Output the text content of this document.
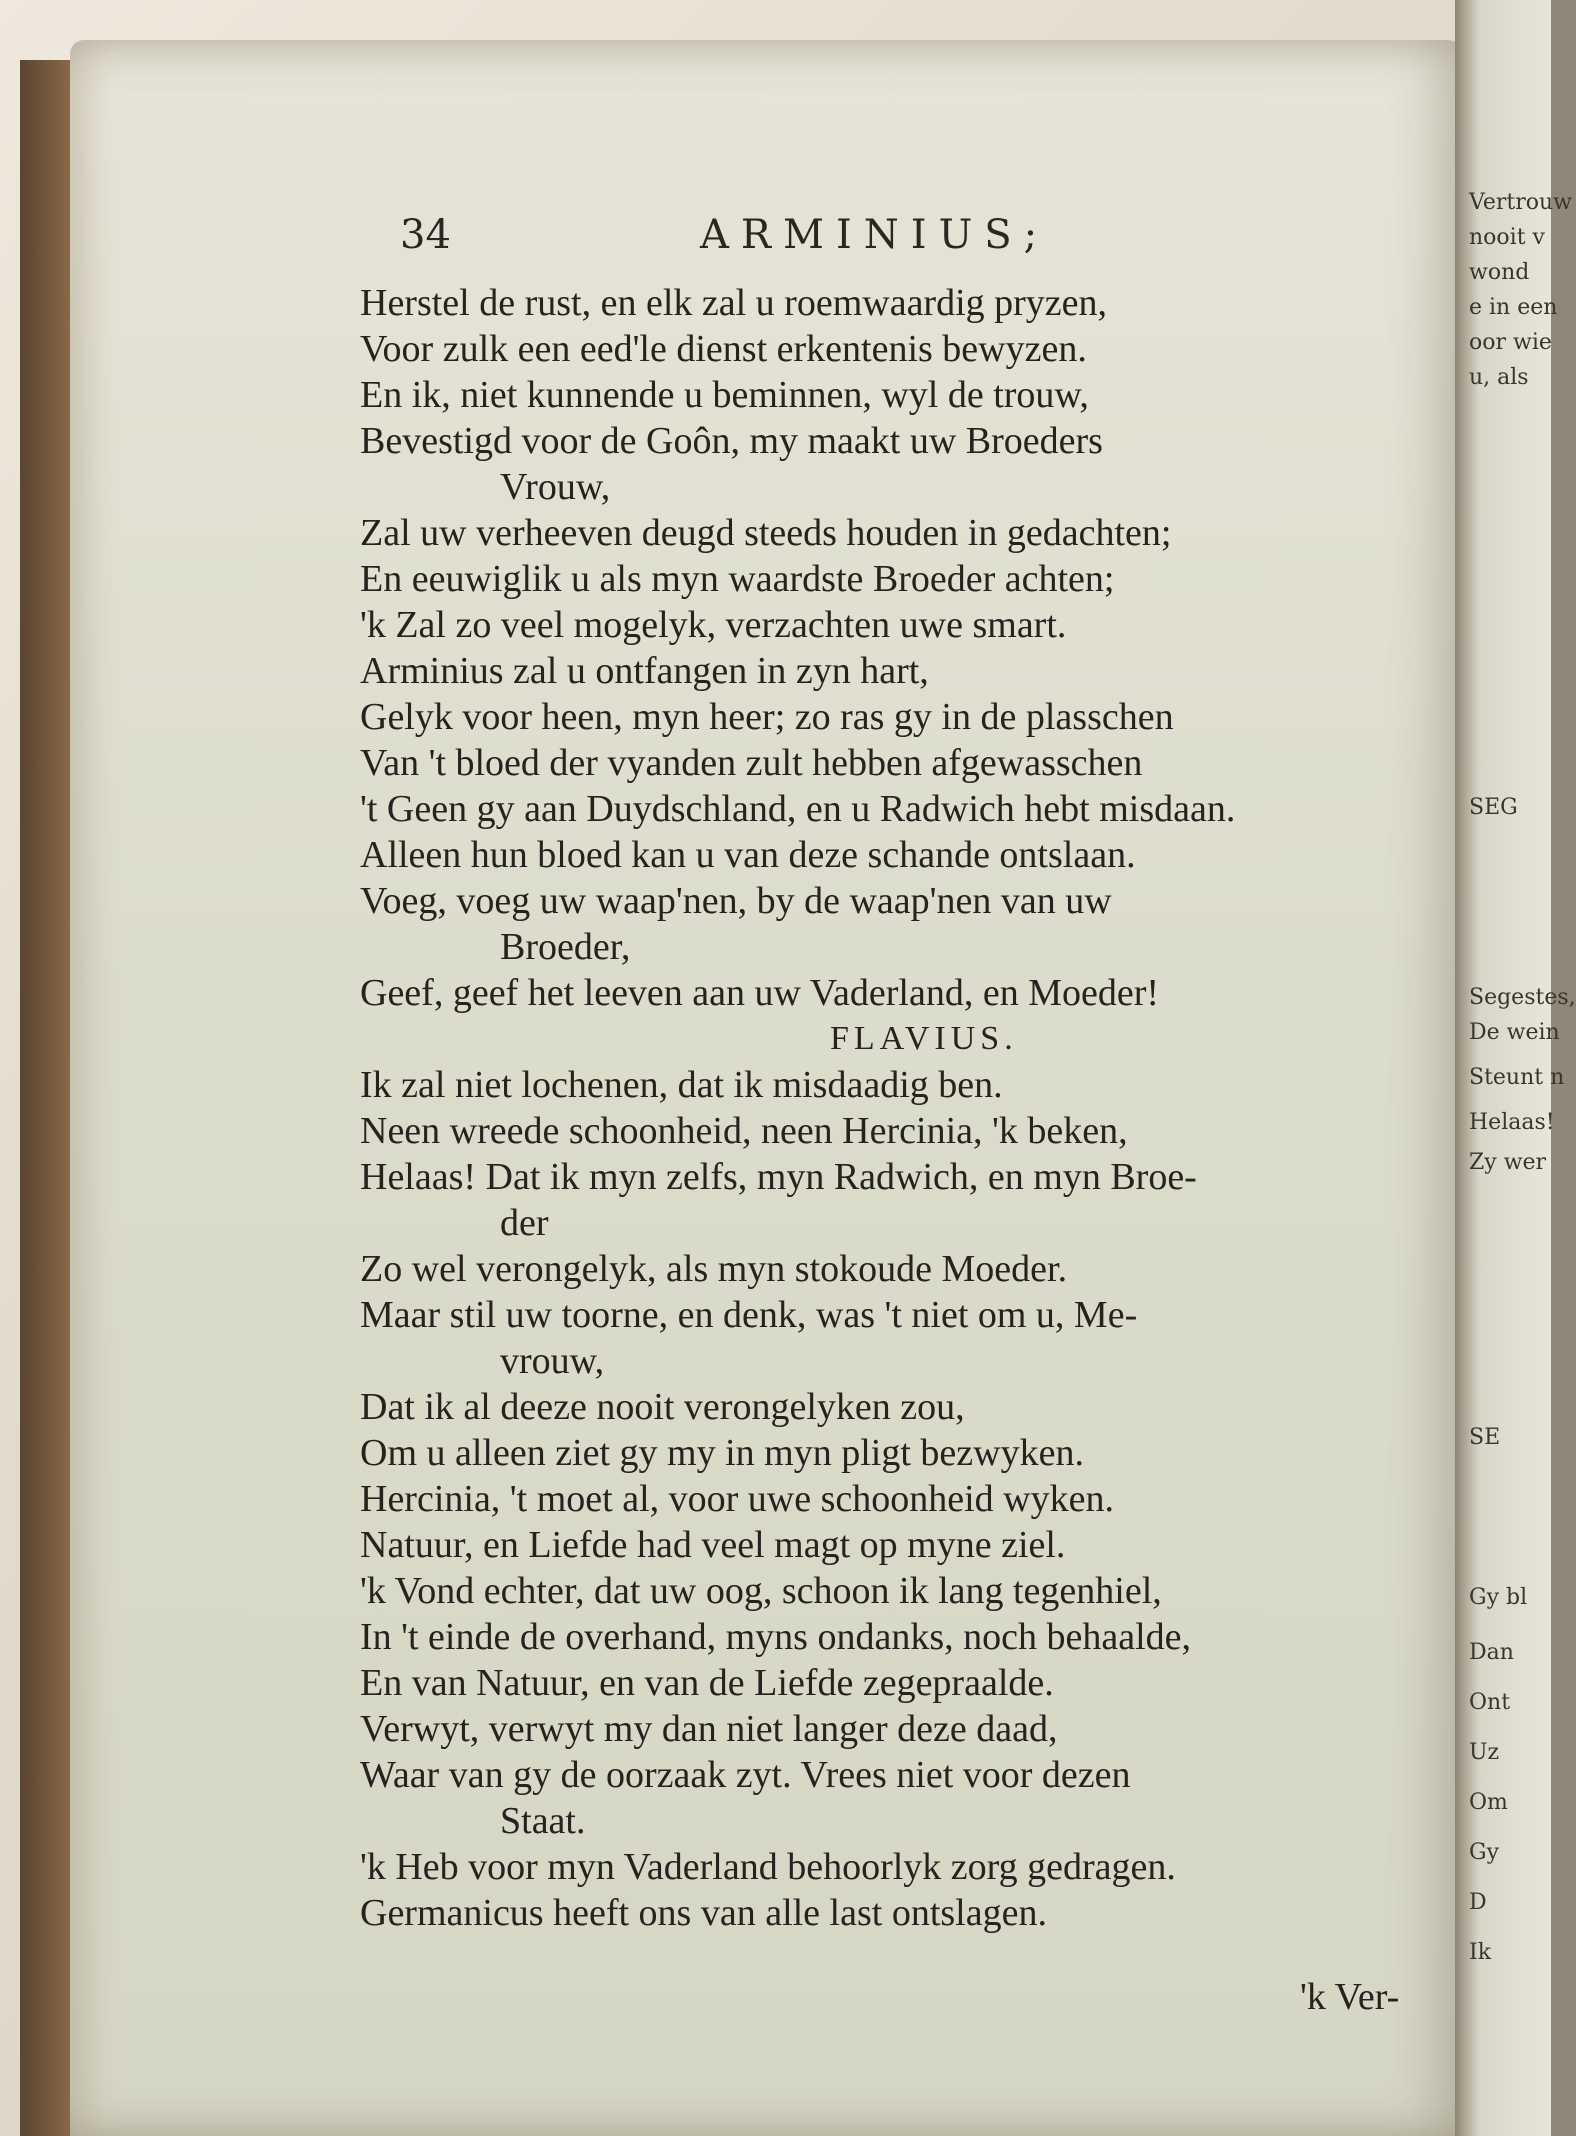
Vertrouw
nooit v
wond
e in een
oor wie
u, als
SEG
Segestes,
De wein
Steunt n
Helaas!
Zy wer
SE
Gy bl
Dan
Ont
Uz
Om
Gy
D
Ik
34	ARMINIUS;
Herstel de rust, en elk zal u roemwaardig pryzen,
Voor zulk een eed'le dienst erkentenis bewyzen.
En ik, niet kunnende u beminnen, wyl de trouw,
Bevestigd voor de Goôn, my maakt uw Broeders
Vrouw,
Zal uw verheeven deugd steeds houden in gedachten;
En eeuwiglik u als myn waardste Broeder achten;
'k Zal zo veel mogelyk, verzachten uwe smart.
Arminius zal u ontfangen in zyn hart,
Gelyk voor heen, myn heer; zo ras gy in de plasschen
Van 't bloed der vyanden zult hebben afgewasschen
't Geen gy aan Duydschland, en u Radwich hebt misdaan.
Alleen hun bloed kan u van deze schande ontslaan.
Voeg, voeg uw waap'nen, by de waap'nen van uw
Broeder,
Geef, geef het leeven aan uw Vaderland, en Moeder!
FLAVIUS.
Ik zal niet lochenen, dat ik misdaadig ben.
Neen wreede schoonheid, neen Hercinia, 'k beken,
Helaas! Dat ik myn zelfs, myn Radwich, en myn Broe-
der
Zo wel verongelyk, als myn stokoude Moeder.
Maar stil uw toorne, en denk, was 't niet om u, Me-
vrouw,
Dat ik al deeze nooit verongelyken zou,
Om u alleen ziet gy my in myn pligt bezwyken.
Hercinia, 't moet al, voor uwe schoonheid wyken.
Natuur, en Liefde had veel magt op myne ziel.
'k Vond echter, dat uw oog, schoon ik lang tegenhiel,
In 't einde de overhand, myns ondanks, noch behaalde,
En van Natuur, en van de Liefde zegepraalde.
Verwyt, verwyt my dan niet langer deze daad,
Waar van gy de oorzaak zyt. Vrees niet voor dezen
Staat.
'k Heb voor myn Vaderland behoorlyk zorg gedragen.
Germanicus heeft ons van alle last ontslagen.
'k Ver-
